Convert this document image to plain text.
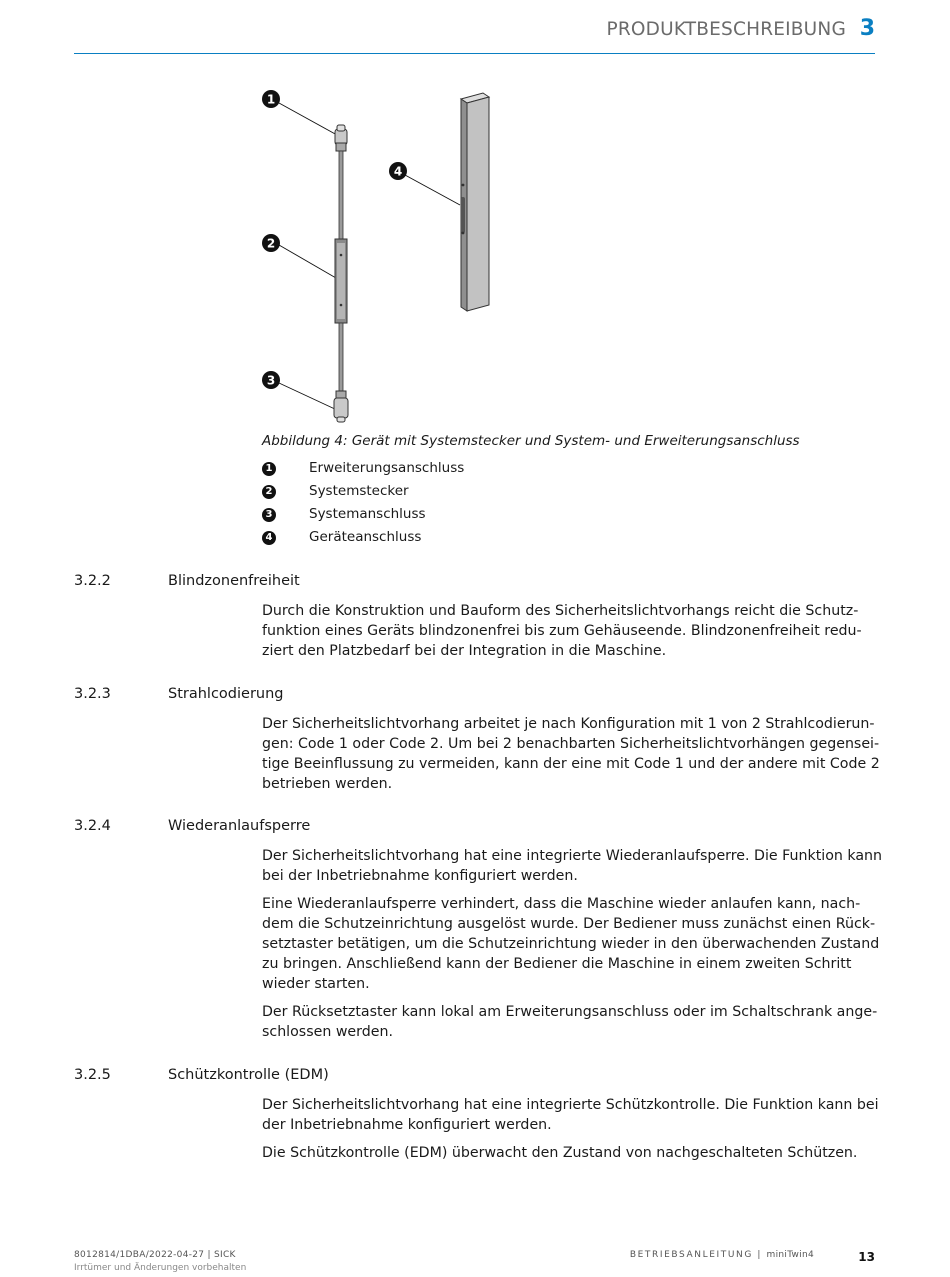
PRODUKTBESCHREIBUNG 3
1
2
3
4
Abbildung 4: Gerät mit Systemstecker und System- und Erweiterungsanschluss
1	Erweiterungsanschluss
2	Systemstecker
3	Systemanschluss
4	Geräteanschluss
3.2.2	Blindzonenfreiheit
Durch die Konstruktion und Bauform des Sicherheitslichtvorhangs reicht die Schutz-
funktion eines Geräts blindzonenfrei bis zum Gehäuseende. Blindzonenfreiheit redu-
ziert den Platzbedarf bei der Integration in die Maschine.
3.2.3	Strahlcodierung
Der Sicherheitslichtvorhang arbeitet je nach Konfiguration mit 1 von 2 Strahlcodierun-
gen: Code 1 oder Code 2. Um bei 2 benachbarten Sicherheitslichtvorhängen gegensei-
tige Beeinflussung zu vermeiden, kann der eine mit Code 1 und der andere mit Code 2
betrieben werden.
3.2.4	Wiederanlaufsperre
Der Sicherheitslichtvorhang hat eine integrierte Wiederanlaufsperre. Die Funktion kann
bei der Inbetriebnahme konfiguriert werden.
Eine Wiederanlaufsperre verhindert, dass die Maschine wieder anlaufen kann, nach-
dem die Schutzeinrichtung ausgelöst wurde. Der Bediener muss zunächst einen Rück-
setztaster betätigen, um die Schutzeinrichtung wieder in den überwachenden Zustand
zu bringen. Anschließend kann der Bediener die Maschine in einem zweiten Schritt
wieder starten.
Der Rücksetztaster kann lokal am Erweiterungsanschluss oder im Schaltschrank ange-
schlossen werden.
3.2.5	Schützkontrolle (EDM)
Der Sicherheitslichtvorhang hat eine integrierte Schützkontrolle. Die Funktion kann bei
der Inbetriebnahme konfiguriert werden.
Die Schützkontrolle (EDM) überwacht den Zustand von nachgeschalteten Schützen.
8012814/1DBA/2022-04-27 | SICK
Irrtümer und Änderungen vorbehalten
BETRIEBSANLEITUNG | miniTwin4	13
